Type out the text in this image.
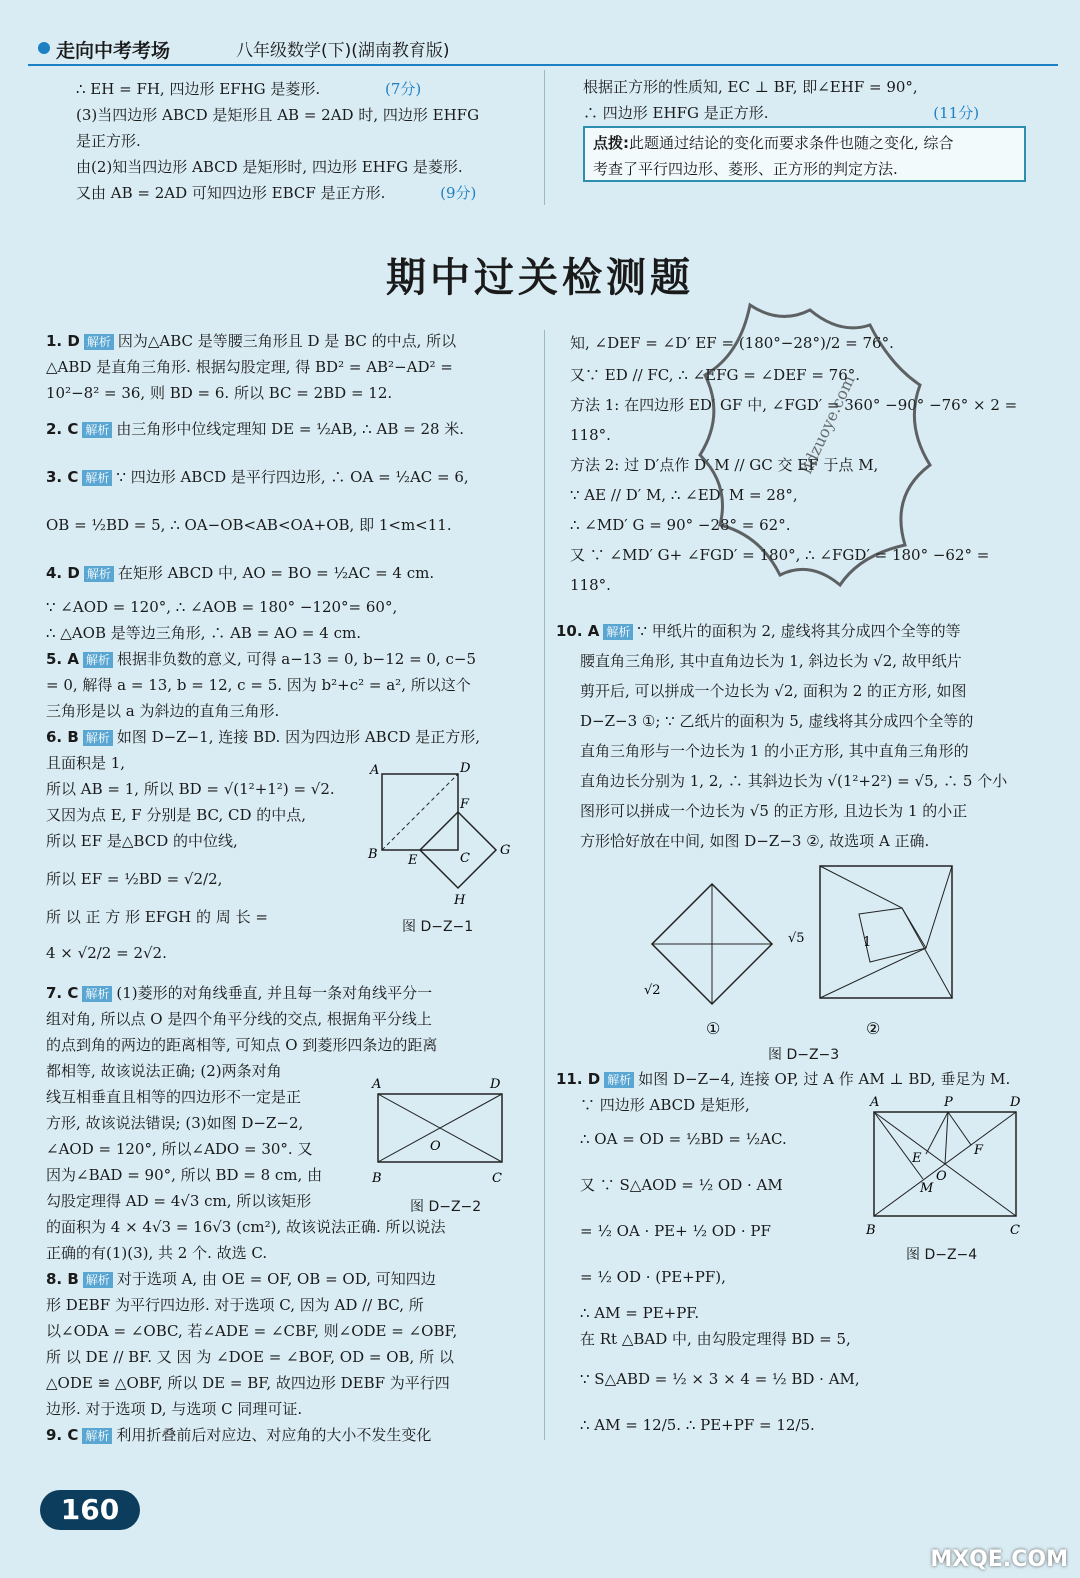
走向中考考场	八年级数学(下)(湖南教育版)

∴ EH = FH, 四边形 EFHG 是菱形.	(7分)

(3)当四边形 ABCD 是矩形且 AB = 2AD 时, 四边形 EHFG

是正方形.

由(2)知当四边形 ABCD 是矩形时, 四边形 EHFG 是菱形.

又由 AB = 2AD 可知四边形 EBCF 是正方形.	(9分)

根据正方形的性质知, EC ⊥ BF, 即∠EHF = 90°,

∴ 四边形 EHFG 是正方形.	(11分)

点拨:此题通过结论的变化而要求条件也随之变化, 综合
考查了平行四边形、菱形、正方形的判定方法.
期中过关检测题

1. D 解析 因为△ABC 是等腰三角形且 D 是 BC 的中点, 所以

△ABD 是直角三角形. 根据勾股定理, 得 BD² = AB²−AD² =

10²−8² = 36, 则 BD = 6. 所以 BC = 2BD = 12.

2. C 解析 由三角形中位线定理知 DE = ½AB, ∴ AB = 28 米.

3. C 解析 ∵ 四边形 ABCD 是平行四边形, ∴ OA = ½AC = 6,

OB = ½BD = 5, ∴ OA−OB<AB<OA+OB, 即 1<m<11.

4. D 解析 在矩形 ABCD 中, AO = BO = ½AC = 4 cm.

∵ ∠AOD = 120°, ∴ ∠AOB = 180° −120°= 60°,

∴ △AOB 是等边三角形, ∴ AB = AO = 4 cm.

5. A 解析 根据非负数的意义, 可得 a−13 = 0, b−12 = 0, c−5

= 0, 解得 a = 13, b = 12, c = 5. 因为 b²+c² = a², 所以这个

三角形是以 a 为斜边的直角三角形.

6. B 解析 如图 D−Z−1, 连接 BD. 因为四边形 ABCD 是正方形,

且面积是 1,

所以 AB = 1, 所以 BD = √(1²+1²) = √2.

又因为点 E, F 分别是 BC, CD 的中点,

所以 EF 是△BCD 的中位线,

所以 EF = ½BD = √2/2,

所 以 正 方 形 EFGH 的 周 长 =

4 × √2/2 = 2√2.

7. C 解析 (1)菱形的对角线垂直, 并且每一条对角线平分一

组对角, 所以点 O 是四个角平分线的交点, 根据角平分线上

的点到角的两边的距离相等, 可知点 O 到菱形四条边的距离

都相等, 故该说法正确; (2)两条对角

线互相垂直且相等的四边形不一定是正

方形, 故该说法错误; (3)如图 D−Z−2,

∠AOD = 120°, 所以∠ADO = 30°. 又

因为∠BAD = 90°, 所以 BD = 8 cm, 由

勾股定理得 AD = 4√3 cm, 所以该矩形

的面积为 4 × 4√3 = 16√3 (cm²), 故该说法正确. 所以说法

正确的有(1)(3), 共 2 个. 故选 C.

8. B 解析 对于选项 A, 由 OE = OF, OB = OD, 可知四边

形 DEBF 为平行四边形. 对于选项 C, 因为 AD // BC, 所

以∠ODA = ∠OBC, 若∠ADE = ∠CBF, 则∠ODE = ∠OBF,

所 以 DE // BF. 又 因 为 ∠DOE = ∠BOF, OD = OB, 所 以

△ODE ≌ △OBF, 所以 DE = BF, 故四边形 DEBF 为平行四

边形. 对于选项 D, 与选项 C 同理可证.

9. C 解析 利用折叠前后对应边、对应角的大小不发生变化

知, ∠DEF = ∠D′ EF = (180°−28°)/2 = 76°.

又∵ ED // FC, ∴ ∠EFG = ∠DEF = 76°.

方法 1: 在四边形 ED′ GF 中, ∠FGD′ = 360° −90° −76° × 2 =

118°.

方法 2: 过 D′点作 D′ M // GC 交 EF 于点 M,

∵ AE // D′ M, ∴ ∠ED′ M = 28°,

∴ ∠MD′ G = 90° −28° = 62°.

又 ∵ ∠MD′ G+ ∠FGD′ = 180°, ∴ ∠FGD′ = 180° −62° =

118°.

10. A 解析 ∵ 甲纸片的面积为 2, 虚线将其分成四个全等的等

腰直角三角形, 其中直角边长为 1, 斜边长为 √2, 故甲纸片

剪开后, 可以拼成一个边长为 √2, 面积为 2 的正方形, 如图

D−Z−3 ①; ∵ 乙纸片的面积为 5, 虚线将其分成四个全等的

直角三角形与一个边长为 1 的小正方形, 其中直角三角形的

直角边长分别为 1, 2, ∴ 其斜边长为 √(1²+2²) = √5, ∴ 5 个小

图形可以拼成一个边长为 √5 的正方形, 且边长为 1 的小正

方形恰好放在中间, 如图 D−Z−3 ②, 故选项 A 正确.

11. D 解析 如图 D−Z−4, 连接 OP, 过 A 作 AM ⊥ BD, 垂足为 M.

∵ 四边形 ABCD 是矩形,

∴ OA = OD = ½BD = ½AC.

又 ∵ S△AOD = ½ OD · AM

= ½ OA · PE+ ½ OD · PF

= ½ OD · (PE+PF),

∴ AM = PE+PF.

在 Rt △BAD 中, 由勾股定理得 BD = 5,

∵ S△ABD = ½ × 3 × 4 = ½ BD · AM,

∴ AM = 12/5. ∴ PE+PF = 12/5.

A	D
F
B E	C
G
H
图 D−Z−1
A	D
O
B	C
图 D−Z−2
√2
√5	1
①	②
图 D−Z−3
A	P	D
F
E
O
M
B	C
图 D−Z−4
hdzuoye.com
160
MXQE.COM
